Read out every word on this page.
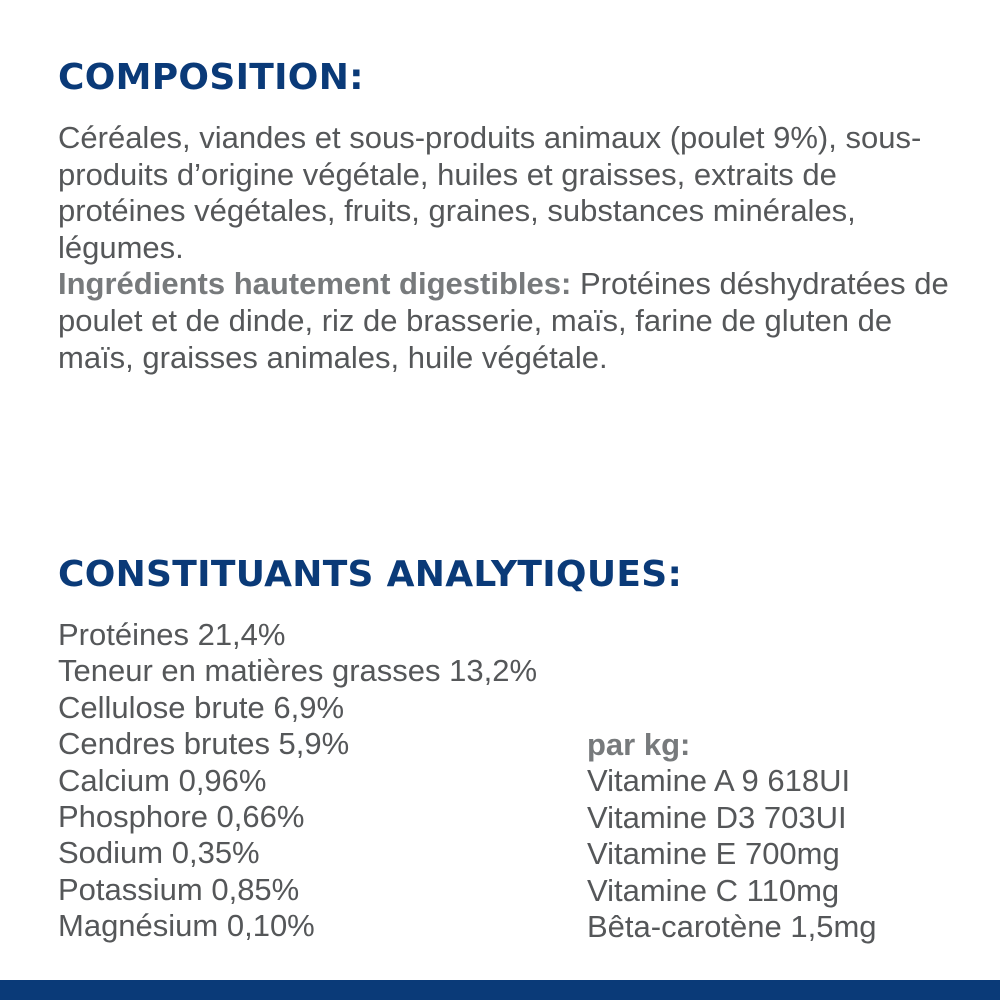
COMPOSITION:

Céréales, viandes et sous-produits animaux (poulet 9%), sous-produits d’origine végétale, huiles et graisses, extraits de protéines végétales, fruits, graines, substances minérales, légumes.

Ingrédients hautement digestibles: Protéines déshydratées de poulet et de dinde, riz de brasserie, maïs, farine de gluten de maïs, graisses animales, huile végétale.

CONSTITUANTS ANALYTIQUES:
Protéines 21,4%
Teneur en matières grasses 13,2%
Cellulose brute 6,9%
Cendres brutes 5,9%
Calcium 0,96%
Phosphore 0,66%
Sodium 0,35%
Potassium 0,85%
Magnésium 0,10%
par kg:
Vitamine A 9 618UI
Vitamine D3 703UI
Vitamine E 700mg
Vitamine C 110mg
Bêta-carotène 1,5mg
